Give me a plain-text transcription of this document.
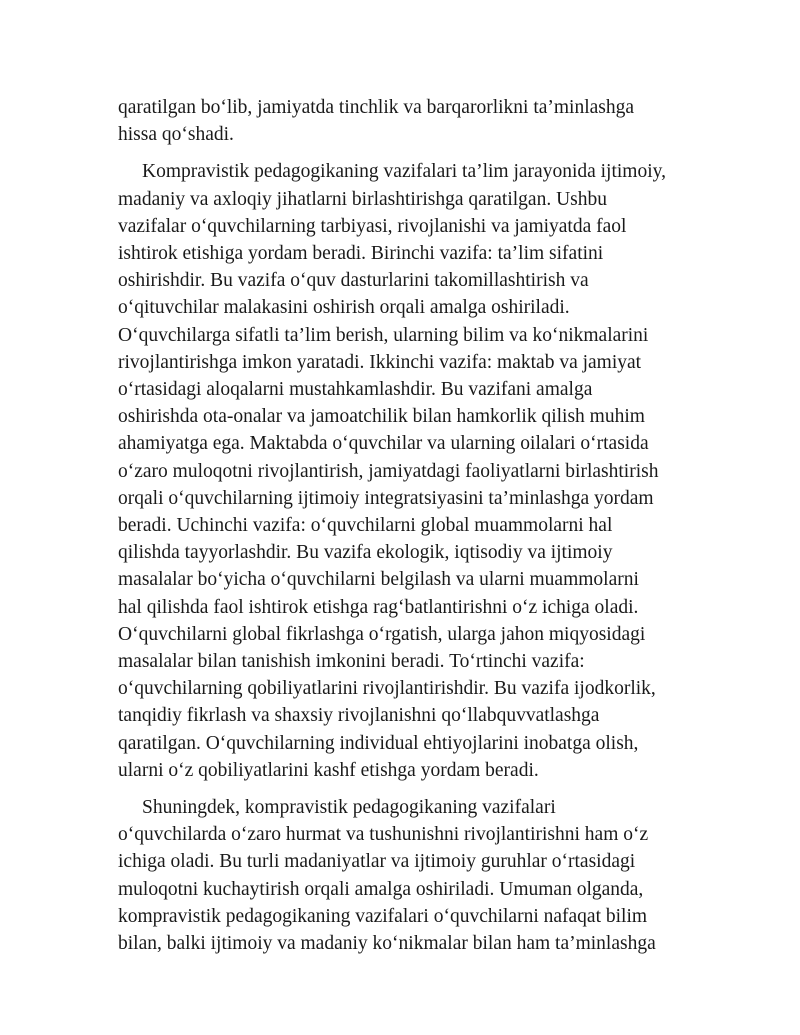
qaratilgan bo‘lib, jamiyatda tinchlik va barqarorlikni ta’minlashga
hissa qo‘shadi.

Kompravistik pedagogikaning vazifalari ta’lim jarayonida ijtimoiy,
madaniy va axloqiy jihatlarni birlashtirishga qaratilgan. Ushbu
vazifalar o‘quvchilarning tarbiyasi, rivojlanishi va jamiyatda faol
ishtirok etishiga yordam beradi. Birinchi vazifa: ta’lim sifatini
oshirishdir. Bu vazifa o‘quv dasturlarini takomillashtirish va
o‘qituvchilar malakasini oshirish orqali amalga oshiriladi.
O‘quvchilarga sifatli ta’lim berish, ularning bilim va ko‘nikmalarini
rivojlantirishga imkon yaratadi. Ikkinchi vazifa: maktab va jamiyat
o‘rtasidagi aloqalarni mustahkamlashdir. Bu vazifani amalga
oshirishda ota-onalar va jamoatchilik bilan hamkorlik qilish muhim
ahamiyatga ega. Maktabda o‘quvchilar va ularning oilalari o‘rtasida
o‘zaro muloqotni rivojlantirish, jamiyatdagi faoliyatlarni birlashtirish
orqali o‘quvchilarning ijtimoiy integratsiyasini ta’minlashga yordam
beradi. Uchinchi vazifa: o‘quvchilarni global muammolarni hal
qilishda tayyorlashdir. Bu vazifa ekologik, iqtisodiy va ijtimoiy
masalalar bo‘yicha o‘quvchilarni belgilash va ularni muammolarni
hal qilishda faol ishtirok etishga rag‘batlantirishni o‘z ichiga oladi.
O‘quvchilarni global fikrlashga o‘rgatish, ularga jahon miqyosidagi
masalalar bilan tanishish imkonini beradi. To‘rtinchi vazifa:
o‘quvchilarning qobiliyatlarini rivojlantirishdir. Bu vazifa ijodkorlik,
tanqidiy fikrlash va shaxsiy rivojlanishni qo‘llabquvvatlashga
qaratilgan. O‘quvchilarning individual ehtiyojlarini inobatga olish,
ularni o‘z qobiliyatlarini kashf etishga yordam beradi.

Shuningdek, kompravistik pedagogikaning vazifalari
o‘quvchilarda o‘zaro hurmat va tushunishni rivojlantirishni ham o‘z
ichiga oladi. Bu turli madaniyatlar va ijtimoiy guruhlar o‘rtasidagi
muloqotni kuchaytirish orqali amalga oshiriladi. Umuman olganda,
kompravistik pedagogikaning vazifalari o‘quvchilarni nafaqat bilim
bilan, balki ijtimoiy va madaniy ko‘nikmalar bilan ham ta’minlashga
